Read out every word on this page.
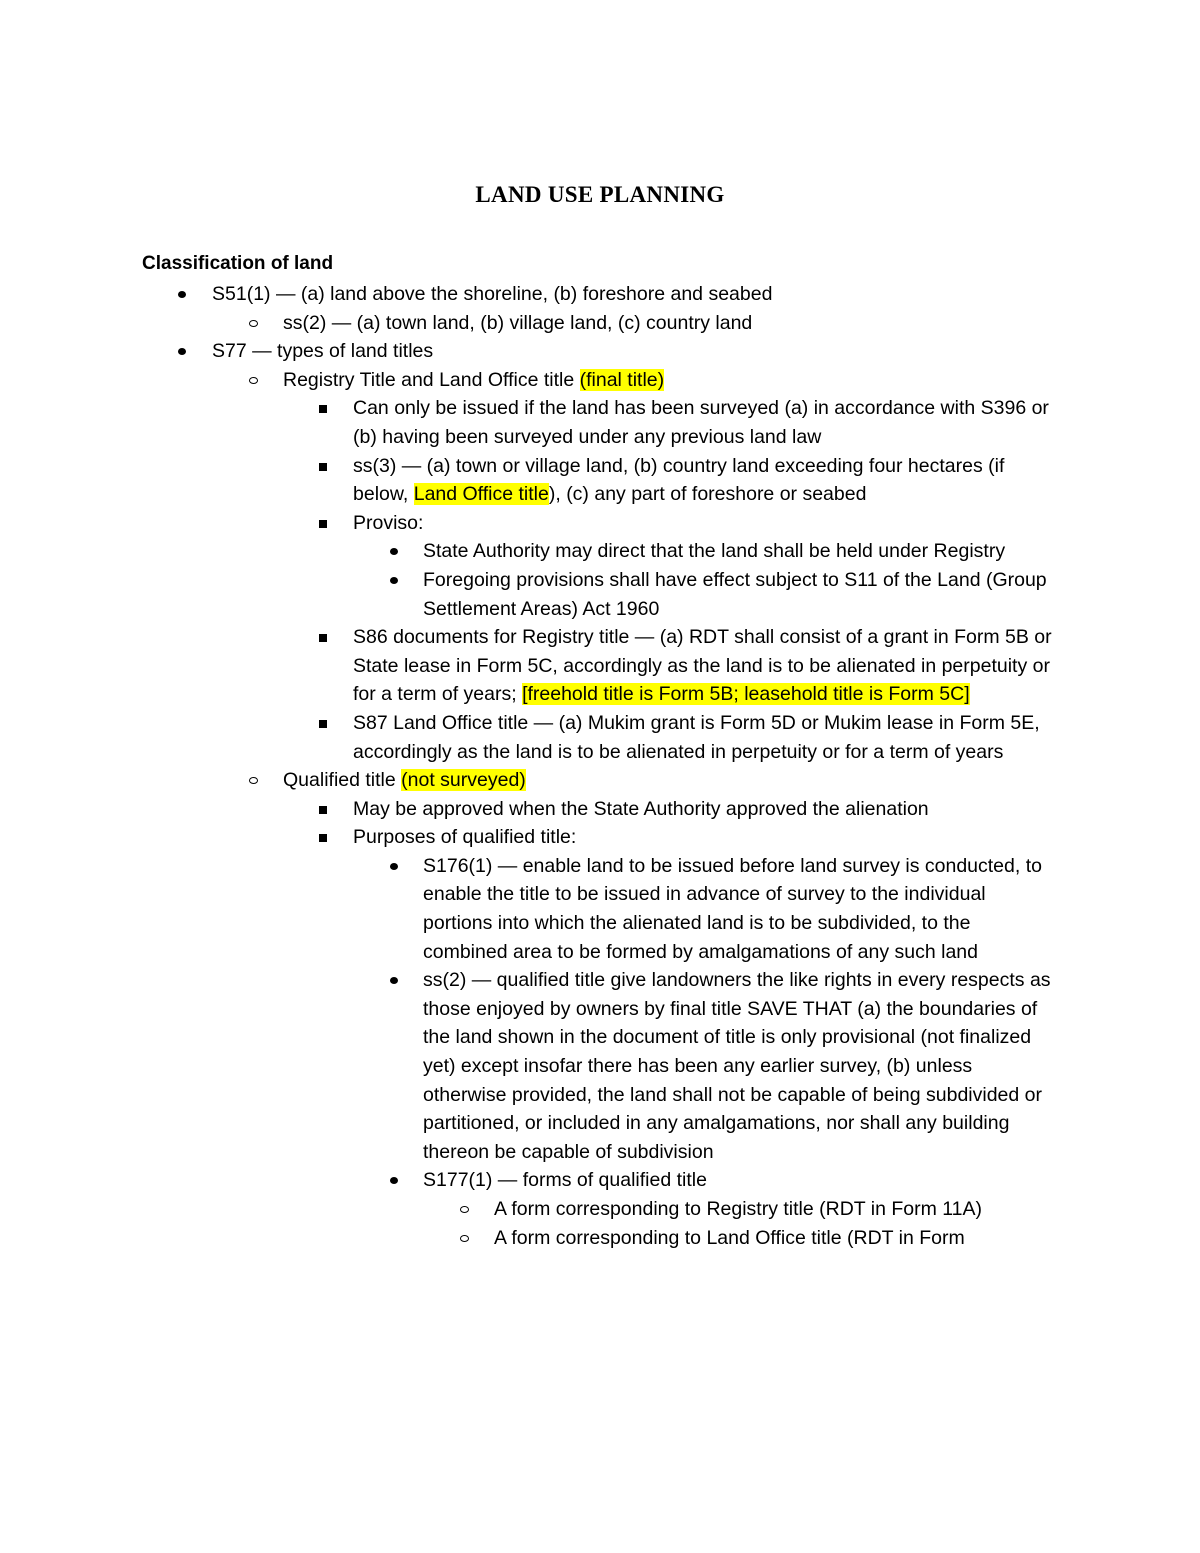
LAND USE PLANNING
Classification of land
S51(1) — (a) land above the shoreline, (b) foreshore and seabed
ss(2) — (a) town land, (b) village land, (c) country land
S77 — types of land titles
Registry Title and Land Office title (final title)
Can only be issued if the land has been surveyed (a) in accordance with S396 or (b) having been surveyed under any previous land law
ss(3) — (a) town or village land, (b) country land exceeding four hectares (if below, Land Office title), (c) any part of foreshore or seabed
Proviso:
State Authority may direct that the land shall be held under Registry
Foregoing provisions shall have effect subject to S11 of the Land (Group Settlement Areas) Act 1960
S86 documents for Registry title — (a) RDT shall consist of a grant in Form 5B or State lease in Form 5C, accordingly as the land is to be alienated in perpetuity or for a term of years; [freehold title is Form 5B; leasehold title is Form 5C]
S87 Land Office title — (a) Mukim grant is Form 5D or Mukim lease in Form 5E, accordingly as the land is to be alienated in perpetuity or for a term of years
Qualified title (not surveyed)
May be approved when the State Authority approved the alienation
Purposes of qualified title:
S176(1) — enable land to be issued before land survey is conducted, to enable the title to be issued in advance of survey to the individual portions into which the alienated land is to be subdivided, to the combined area to be formed by amalgamations of any such land
ss(2) — qualified title give landowners the like rights in every respects as those enjoyed by owners by final title SAVE THAT (a) the boundaries of the land shown in the document of title is only provisional (not finalized yet) except insofar there has been any earlier survey, (b) unless otherwise provided, the land shall not be capable of being subdivided or partitioned, or included in any amalgamations, nor shall any building thereon be capable of subdivision
S177(1) — forms of qualified title
A form corresponding to Registry title (RDT in Form 11A)
A form corresponding to Land Office title (RDT in Form
